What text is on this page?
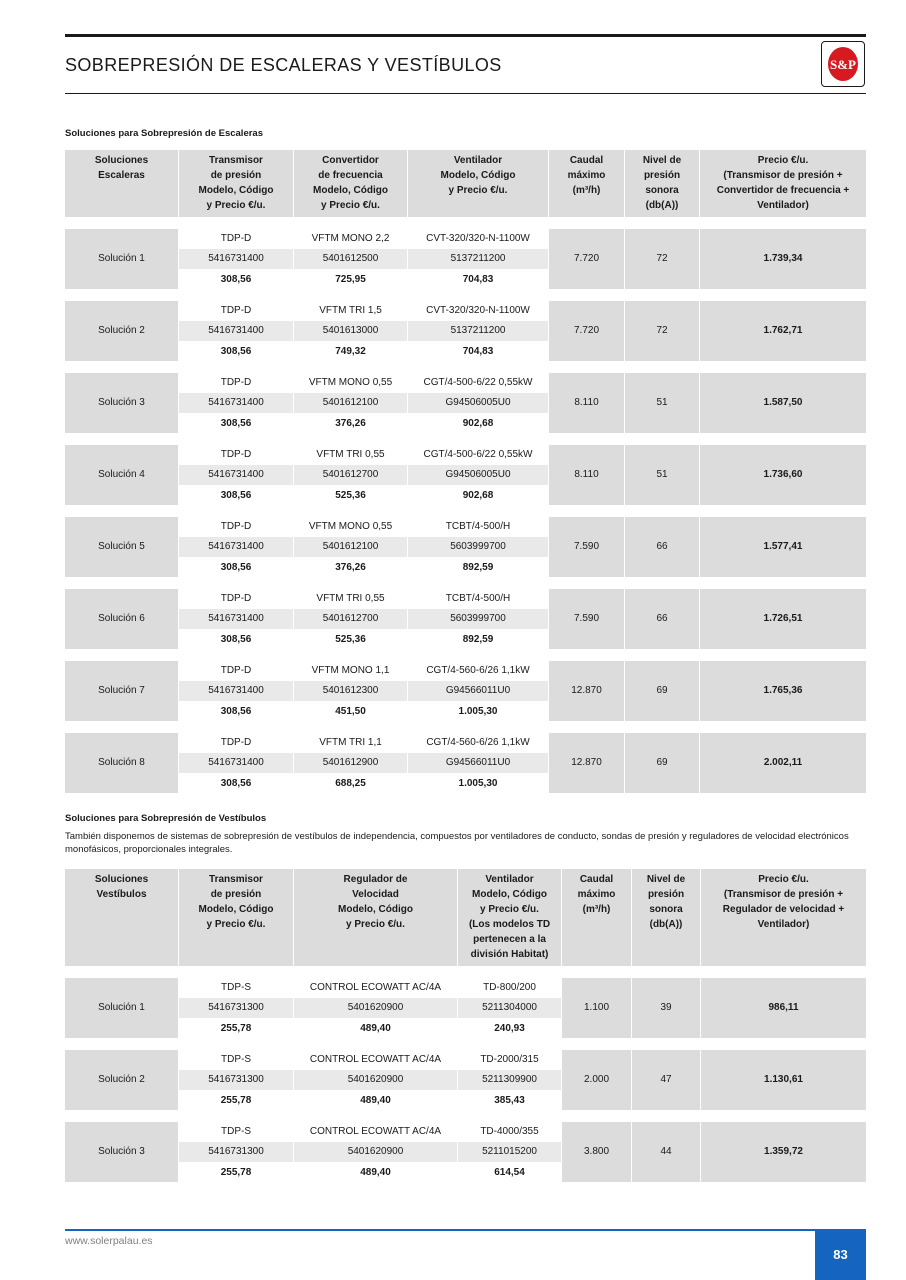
SOBREPRESIÓN DE ESCALERAS Y VESTÍBULOS	S&P
Soluciones para Sobrepresión de Escaleras
Soluciones
Escaleras	Transmisor
de presión
Modelo, Código
y Precio €/u.	Convertidor
de frecuencia
Modelo, Código
y Precio €/u.	Ventilador
Modelo, Código
y Precio €/u.	Caudal
máximo
(m³/h)	Nivel de
presión
sonora
(db(A))	Precio €/u.
(Transmisor de presión +
Convertidor de frecuencia +
Ventilador)
Solución 1	TDP-D	VFTM MONO 2,2	CVT-320/320-N-1100W	7.720	72	1.739,34
	5416731400	5401612500	5137211200			
	308,56	725,95	704,83			
Solución 2	TDP-D	VFTM TRI 1,5	CVT-320/320-N-1100W	7.720	72	1.762,71
	5416731400	5401613000	5137211200			
	308,56	749,32	704,83			
Solución 3	TDP-D	VFTM MONO 0,55	CGT/4-500-6/22 0,55kW	8.110	51	1.587,50
	5416731400	5401612100	G94506005U0			
	308,56	376,26	902,68			
Solución 4	TDP-D	VFTM TRI 0,55	CGT/4-500-6/22 0,55kW	8.110	51	1.736,60
	5416731400	5401612700	G94506005U0			
	308,56	525,36	902,68			
Solución 5	TDP-D	VFTM MONO 0,55	TCBT/4-500/H	7.590	66	1.577,41
	5416731400	5401612100	5603999700			
	308,56	376,26	892,59			
Solución 6	TDP-D	VFTM TRI 0,55	TCBT/4-500/H	7.590	66	1.726,51
	5416731400	5401612700	5603999700			
	308,56	525,36	892,59			
Solución 7	TDP-D	VFTM MONO 1,1	CGT/4-560-6/26 1,1kW	12.870	69	1.765,36
	5416731400	5401612300	G94566011U0			
	308,56	451,50	1.005,30			
Solución 8	TDP-D	VFTM TRI 1,1	CGT/4-560-6/26 1,1kW	12.870	69	2.002,11
	5416731400	5401612900	G94566011U0			
	308,56	688,25	1.005,30			
Soluciones para Sobrepresión de Vestíbulos
También disponemos de sistemas de sobrepresión de vestíbulos de independencia, compuestos por ventiladores de conducto, sondas de presión y reguladores de velocidad electrónicos monofásicos, proporcionales integrales.
Soluciones
Vestíbulos	Transmisor
de presión
Modelo, Código
y Precio €/u.	Regulador de
Velocidad
Modelo, Código
y Precio €/u.	Ventilador
Modelo, Código
y Precio €/u.
(Los modelos TD
pertenecen a la
división Habitat)	Caudal
máximo
(m³/h)	Nivel de
presión
sonora
(db(A))	Precio €/u.
(Transmisor de presión +
Regulador de velocidad +
Ventilador)
Solución 1	TDP-S	CONTROL ECOWATT AC/4A	TD-800/200	1.100	39	986,11
	5416731300	5401620900	5211304000			
	255,78	489,40	240,93			
Solución 2	TDP-S	CONTROL ECOWATT AC/4A	TD-2000/315	2.000	47	1.130,61
	5416731300	5401620900	5211309900			
	255,78	489,40	385,43			
Solución 3	TDP-S	CONTROL ECOWATT AC/4A	TD-4000/355	3.800	44	1.359,72
	5416731300	5401620900	5211015200			
	255,78	489,40	614,54			
www.solerpalau.es
83
